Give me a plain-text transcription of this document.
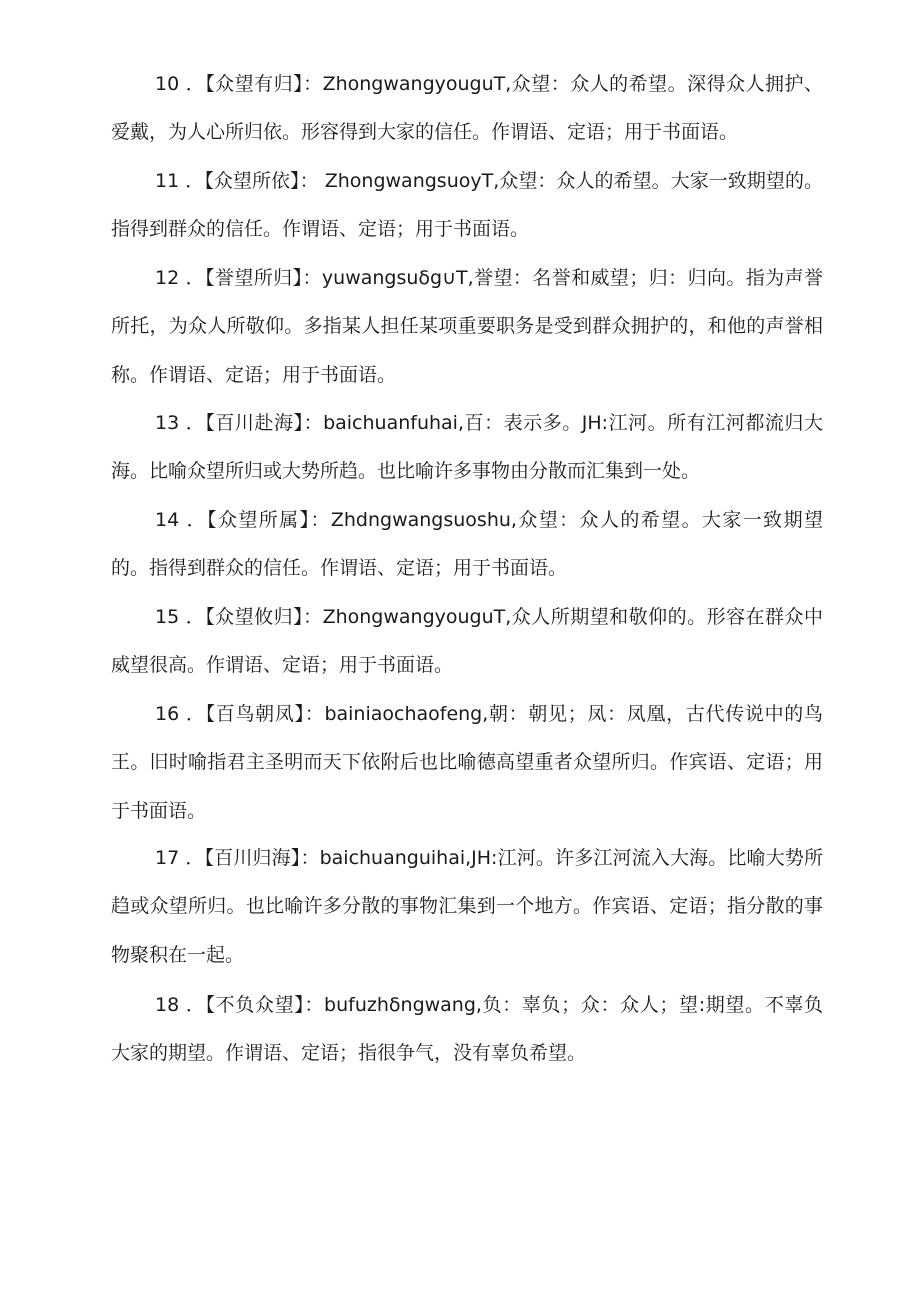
10 ．【众望有归】：ZhongwangyouguT,众望：众人的希望。深得众人拥护、爱戴，为人心所归依。形容得到大家的信任。作谓语、定语；用于书面语。

11 ．【众望所依】： ZhongwangsuoyT,众望：众人的希望。大家一致期望的。指得到群众的信任。作谓语、定语；用于书面语。

12 ．【誉望所归】：yuwangsuδg∪T,誉望：名誉和威望；归：归向。指为声誉所托，为众人所敬仰。多指某人担任某项重要职务是受到群众拥护的，和他的声誉相称。作谓语、定语；用于书面语。

13 ．【百川赴海】：baichuanfuhai,百：表示多。JH:江河。所有江河都流归大海。比喻众望所归或大势所趋。也比喻许多事物由分散而汇集到一处。

14 ．【众望所属】：Zhdngwangsuoshu,众望：众人的希望。大家一致期望的。指得到群众的信任。作谓语、定语；用于书面语。

15 ．【众望攸归】：ZhongwangyouguT,众人所期望和敬仰的。形容在群众中威望很高。作谓语、定语；用于书面语。

16 ．【百鸟朝凤】：bainiaochaofeng,朝：朝见；凤：凤凰，古代传说中的鸟王。旧时喻指君主圣明而天下依附后也比喻德高望重者众望所归。作宾语、定语；用于书面语。

17 ．【百川归海】：baichuanguihai,JH:江河。许多江河流入大海。比喻大势所趋或众望所归。也比喻许多分散的事物汇集到一个地方。作宾语、定语；指分散的事物聚积在一起。

18 ．【不负众望】：bufuzhδngwang,负：辜负；众：众人；望:期望。不辜负大家的期望。作谓语、定语；指很争气，没有辜负希望。
